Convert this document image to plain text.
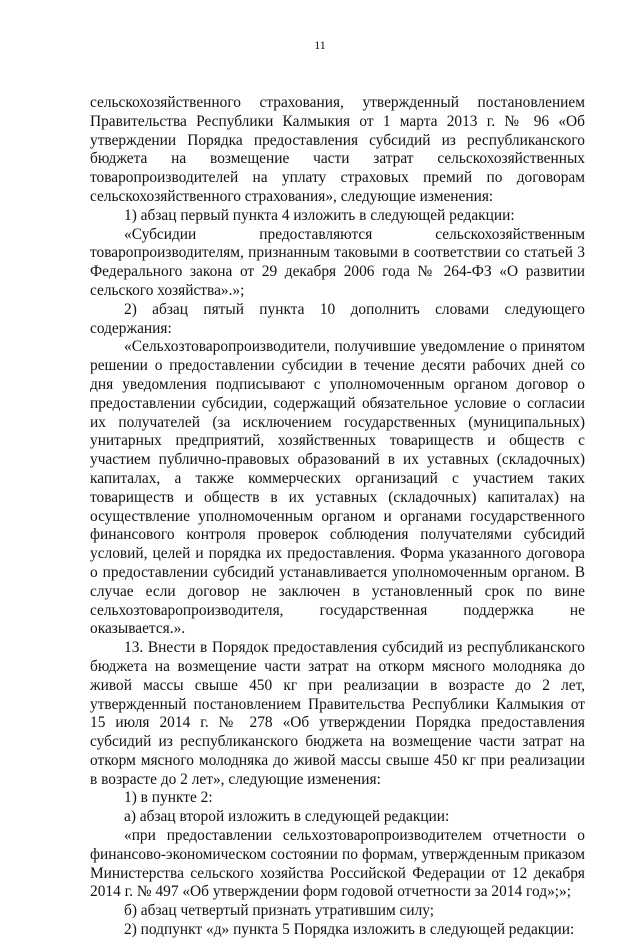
11

сельскохозяйственного страхования, утвержденный постановлением Правительства Республики Калмыкия от 1 марта 2013 г. № 96 «Об утверждении Порядка предоставления субсидий из республиканского бюджета на возмещение части затрат сельскохозяйственных товаропроизводителей на уплату страховых премий по договорам сельскохозяйственного страхования», следующие изменения:

1) абзац первый пункта 4 изложить в следующей редакции:

«Субсидии предоставляются сельскохозяйственным товаропроизводителям, признанным таковыми в соответствии со статьей 3 Федерального закона от 29 декабря 2006 года № 264-ФЗ «О развитии сельского хозяйства».»;

2) абзац пятый пункта 10 дополнить словами следующего содержания:

«Сельхозтоваропроизводители, получившие уведомление о принятом решении о предоставлении субсидии в течение десяти рабочих дней со дня уведомления подписывают с уполномоченным органом договор о предоставлении субсидии, содержащий обязательное условие о согласии их получателей (за исключением государственных (муниципальных) унитарных предприятий, хозяйственных товариществ и обществ с участием публично-правовых образований в их уставных (складочных) капиталах, а также коммерческих организаций с участием таких товариществ и обществ в их уставных (складочных) капиталах) на осуществление уполномоченным органом и органами государственного финансового контроля проверок соблюдения получателями субсидий условий, целей и порядка их предоставления. Форма указанного договора о предоставлении субсидий устанавливается уполномоченным органом. В случае если договор не заключен в установленный срок по вине сельхозтоваропроизводителя, государственная поддержка не оказывается.».

13. Внести в Порядок предоставления субсидий из республиканского бюджета на возмещение части затрат на откорм мясного молодняка до живой массы свыше 450 кг при реализации в возрасте до 2 лет, утвержденный постановлением Правительства Республики Калмыкия от 15 июля 2014 г. № 278 «Об утверждении Порядка предоставления субсидий из республиканского бюджета на возмещение части затрат на откорм мясного молодняка до живой массы свыше 450 кг при реализации в возрасте до 2 лет», следующие изменения:

1) в пункте 2:

а) абзац второй изложить в следующей редакции:

«при предоставлении сельхозтоваропроизводителем отчетности о финансово-экономическом состоянии по формам, утвержденным приказом Министерства сельского хозяйства Российской Федерации от 12 декабря 2014 г. № 497 «Об утверждении форм годовой отчетности за 2014 год»;»;

б) абзац четвертый признать утратившим силу;

2) подпункт «д» пункта 5 Порядка изложить в следующей редакции:
